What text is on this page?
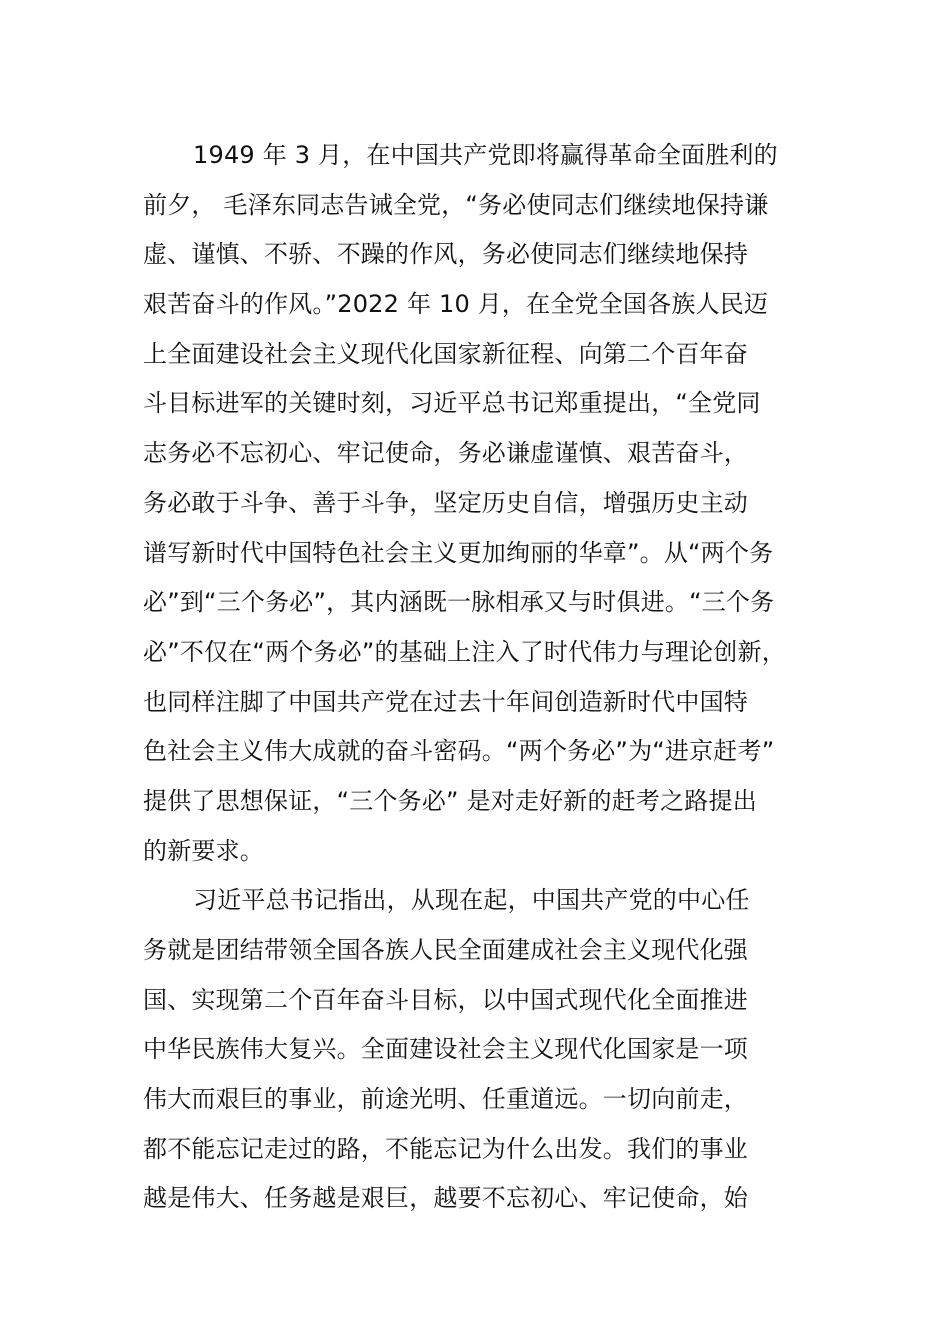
1949 年 3 月，在中国共产党即将赢得革命全面胜利的
前夕， 毛泽东同志告诫全党，“务必使同志们继续地保持谦
虚、谨慎、不骄、不躁的作风，务必使同志们继续地保持
艰苦奋斗的作风。”2022 年 10 月，在全党全国各族人民迈
上全面建设社会主义现代化国家新征程、向第二个百年奋
斗目标进军的关键时刻，习近平总书记郑重提出，“全党同
志务必不忘初心、牢记使命，务必谦虚谨慎、艰苦奋斗，
务必敢于斗争、善于斗争，坚定历史自信，增强历史主动
谱写新时代中国特色社会主义更加绚丽的华章”。从“两个务
必”到“三个务必”，其内涵既一脉相承又与时俱进。“三个务
必”不仅在“两个务必”的基础上注入了时代伟力与理论创新，
也同样注脚了中国共产党在过去十年间创造新时代中国特
色社会主义伟大成就的奋斗密码。“两个务必”为“进京赶考”
提供了思想保证，“三个务必” 是对走好新的赶考之路提出
的新要求。
习近平总书记指出，从现在起，中国共产党的中心任
务就是团结带领全国各族人民全面建成社会主义现代化强
国、实现第二个百年奋斗目标，以中国式现代化全面推进
中华民族伟大复兴。全面建设社会主义现代化国家是一项
伟大而艰巨的事业，前途光明、任重道远。一切向前走，
都不能忘记走过的路，不能忘记为什么出发。我们的事业
越是伟大、任务越是艰巨，越要不忘初心、牢记使命，始
